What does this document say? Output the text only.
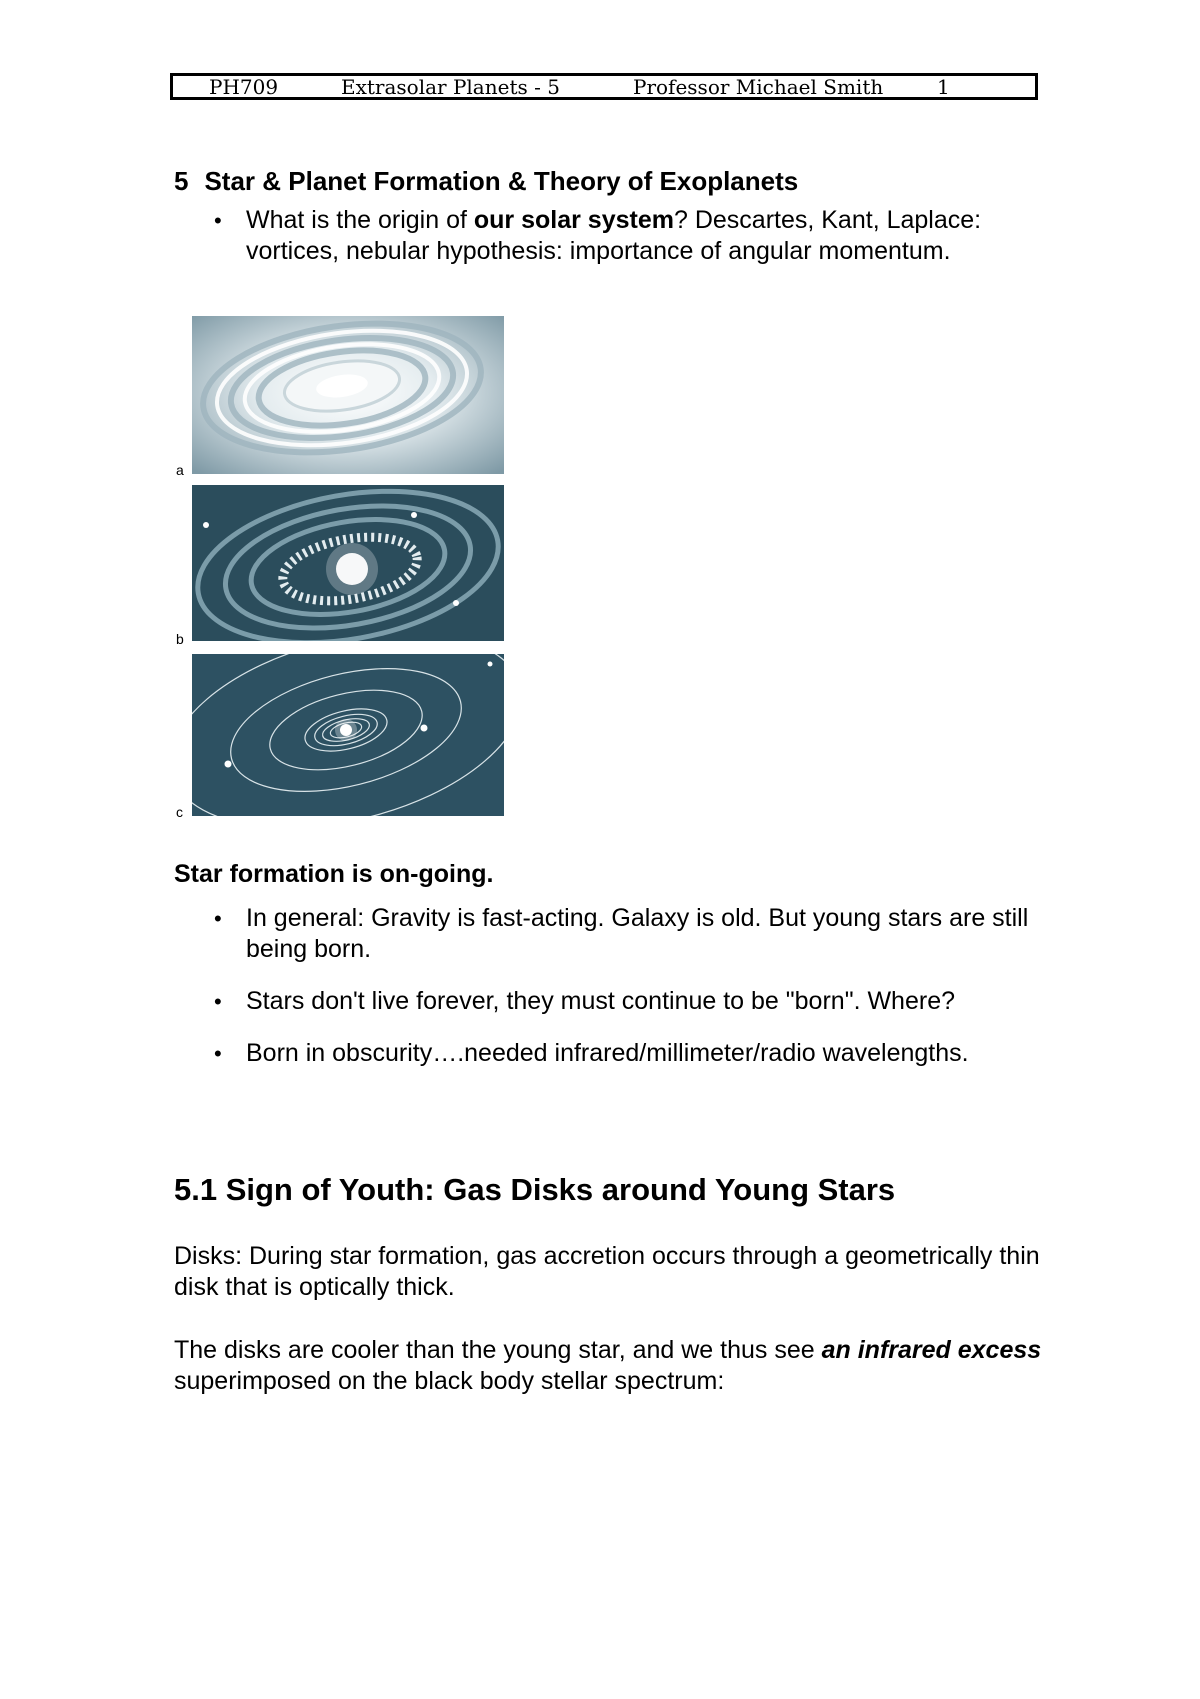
PH709	Extrasolar Planets - 5	Professor Michael Smith	1
5 Star & Planet Formation & Theory of Exoplanets
• What is the origin of our solar system? Descartes, Kant, Laplace: vortices, nebular hypothesis: importance of angular momentum.
a
b
c

Star formation is on-going.

• In general: Gravity is fast-acting. Galaxy is old. But young stars are still being born.
• Stars don't live forever, they must continue to be "born". Where?
• Born in obscurity….needed infrared/millimeter/radio wavelengths.
5.1 Sign of Youth: Gas Disks around Young Stars

Disks: During star formation, gas accretion occurs through a geometrically thin disk that is optically thick.

The disks are cooler than the young star, and we thus see an infrared excess superimposed on the black body stellar spectrum:
